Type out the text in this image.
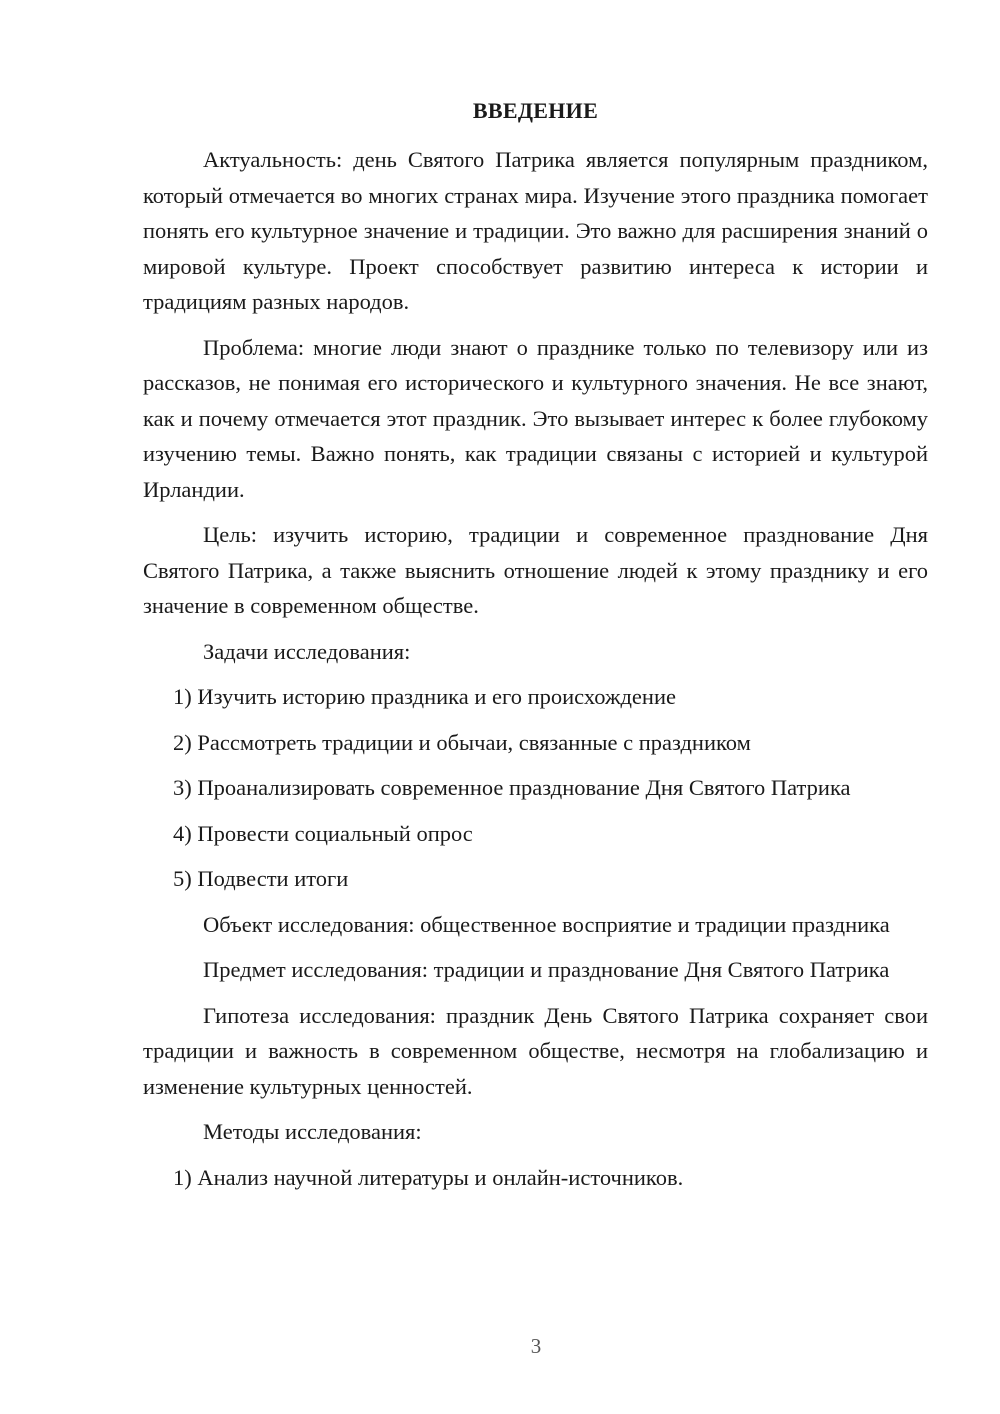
ВВЕДЕНИЕ

Актуальность: день Святого Патрика является популярным праздником, который отмечается во многих странах мира. Изучение этого праздника помогает понять его культурное значение и традиции. Это важно для расширения знаний о мировой культуре. Проект способствует развитию интереса к истории и традициям разных народов.

Проблема: многие люди знают о празднике только по телевизору или из рассказов, не понимая его исторического и культурного значения. Не все знают, как и почему отмечается этот праздник. Это вызывает интерес к более глубокому изучению темы. Важно понять, как традиции связаны с историей и культурой Ирландии.

Цель: изучить историю, традиции и современное празднование Дня Святого Патрика, а также выяснить отношение людей к этому празднику и его значение в современном обществе.

Задачи исследования:

1) Изучить историю праздника и его происхождение

2) Рассмотреть традиции и обычаи, связанные с праздником

3) Проанализировать современное празднование Дня Святого Патрика

4) Провести социальный опрос

5) Подвести итоги

Объект исследования: общественное восприятие и традиции праздника

Предмет исследования: традиции и празднование Дня Святого Патрика

Гипотеза исследования: праздник День Святого Патрика сохраняет свои традиции и важность в современном обществе, несмотря на глобализацию и изменение культурных ценностей.

Методы исследования:

1) Анализ научной литературы и онлайн-источников.

3
